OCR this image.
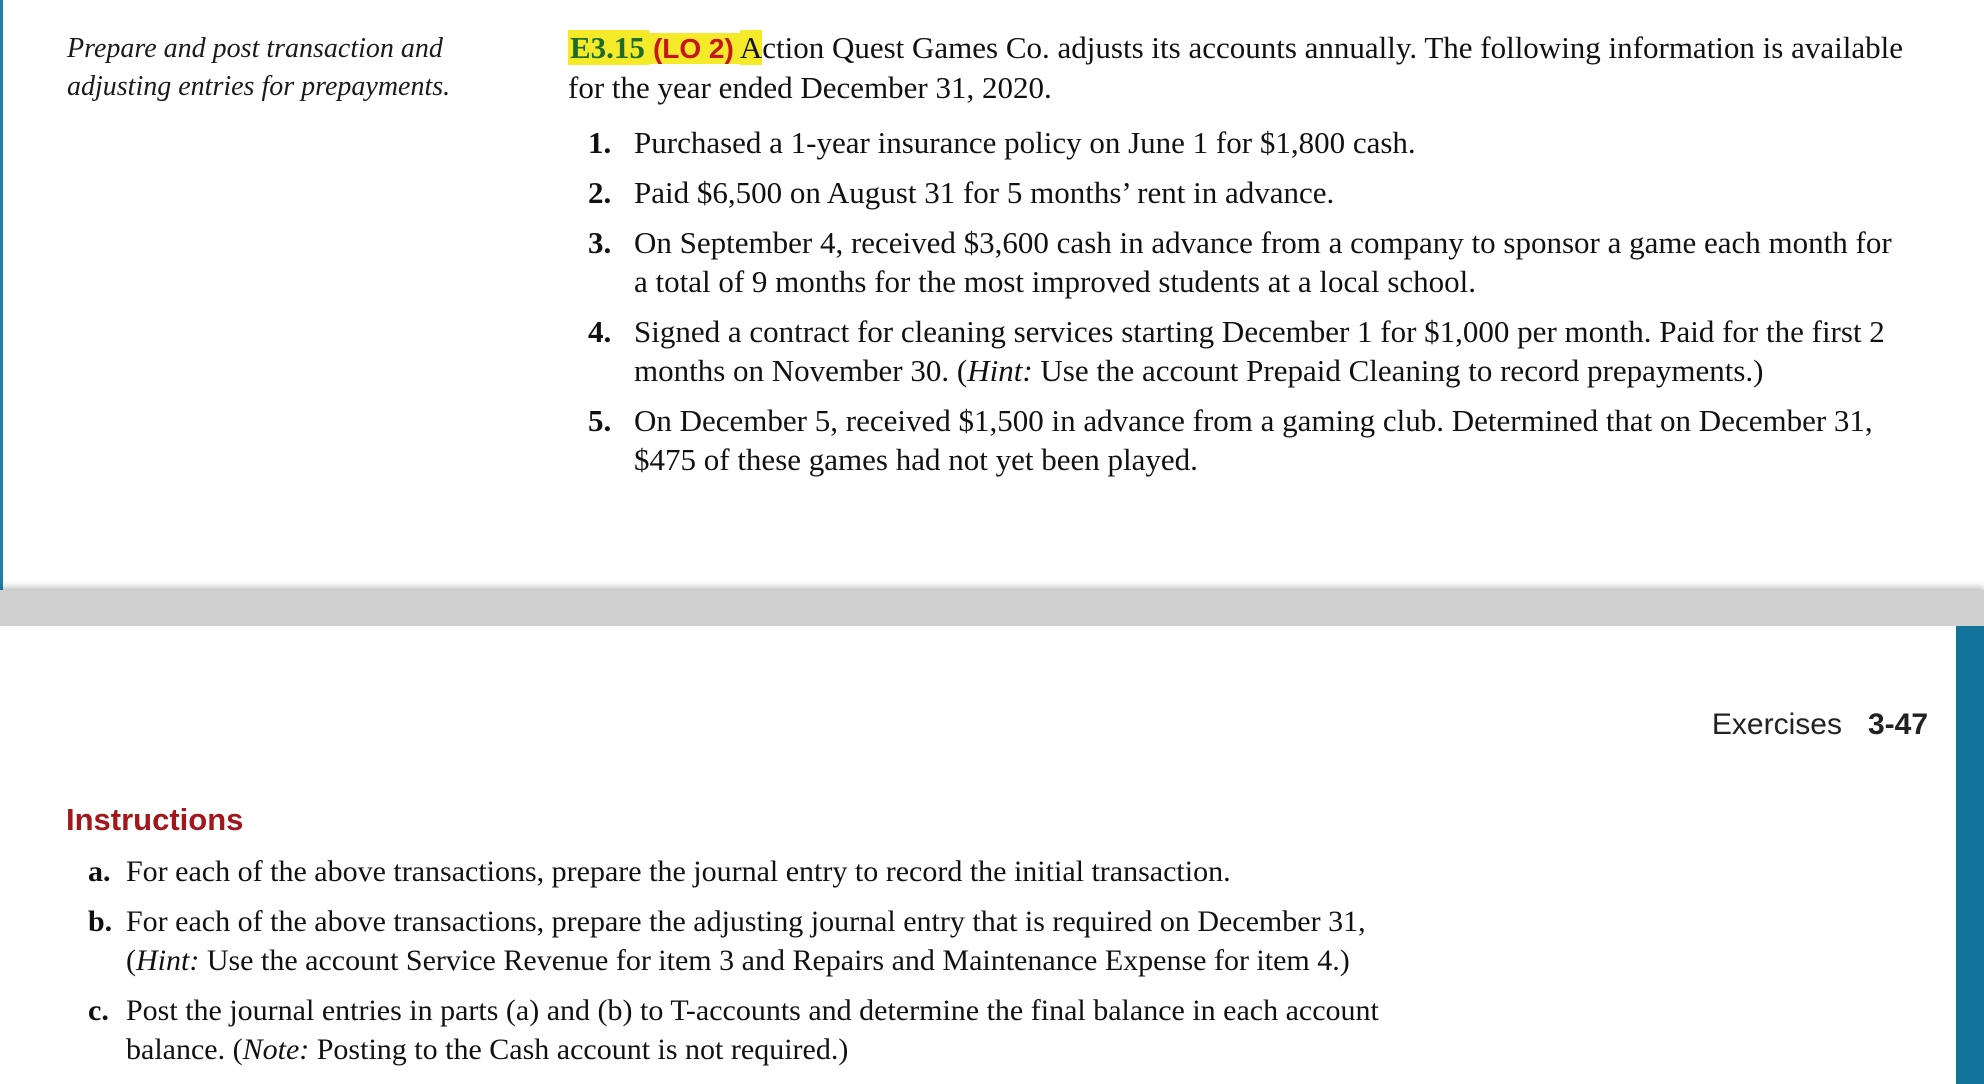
Prepare and post transaction and adjusting entries for prepayments.

E3.15 (LO 2) Action Quest Games Co. adjusts its accounts annually. The following information is available for the year ended December 31, 2020.

1. Purchased a 1-year insurance policy on June 1 for $1,800 cash.
2. Paid $6,500 on August 31 for 5 months’ rent in advance.
3. On September 4, received $3,600 cash in advance from a company to sponsor a game each month for a total of 9 months for the most improved students at a local school.
4. Signed a contract for cleaning services starting December 1 for $1,000 per month. Paid for the first 2 months on November 30. (Hint: Use the account Prepaid Cleaning to record prepayments.)
5. On December 5, received $1,500 in advance from a gaming club. Determined that on December 31, $475 of these games had not yet been played.
Exercises 3-47
Instructions
a. For each of the above transactions, prepare the journal entry to record the initial transaction.
b. For each of the above transactions, prepare the adjusting journal entry that is required on December 31, (Hint: Use the account Service Revenue for item 3 and Repairs and Maintenance Expense for item 4.)
c. Post the journal entries in parts (a) and (b) to T-accounts and determine the final balance in each account balance. (Note: Posting to the Cash account is not required.)
